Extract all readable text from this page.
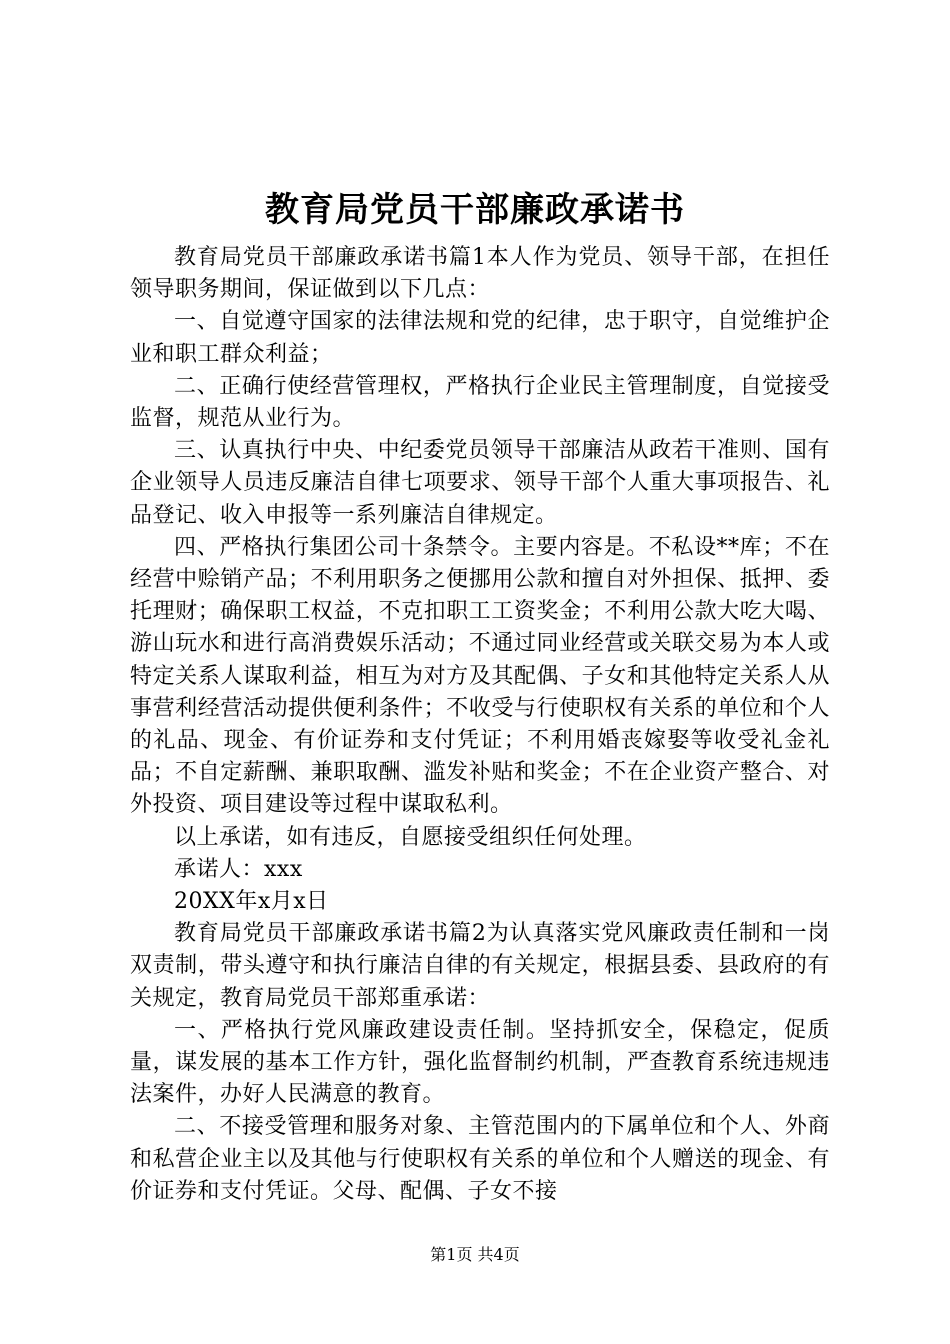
教育局党员干部廉政承诺书

教育局党员干部廉政承诺书篇1本人作为党员、领导干部，在担任领导职务期间，保证做到以下几点：

一、自觉遵守国家的法律法规和党的纪律，忠于职守，自觉维护企业和职工群众利益；

二、正确行使经营管理权，严格执行企业民主管理制度，自觉接受监督，规范从业行为。

三、认真执行中央、中纪委党员领导干部廉洁从政若干准则、国有企业领导人员违反廉洁自律七项要求、领导干部个人重大事项报告、礼品登记、收入申报等一系列廉洁自律规定。

四、严格执行集团公司十条禁令。主要内容是。不私设**库；不在经营中赊销产品；不利用职务之便挪用公款和擅自对外担保、抵押、委托理财；确保职工权益，不克扣职工工资奖金；不利用公款大吃大喝、游山玩水和进行高消费娱乐活动；不通过同业经营或关联交易为本人或特定关系人谋取利益，相互为对方及其配偶、子女和其他特定关系人从事营利经营活动提供便利条件；不收受与行使职权有关系的单位和个人的礼品、现金、有价证券和支付凭证；不利用婚丧嫁娶等收受礼金礼品；不自定薪酬、兼职取酬、滥发补贴和奖金；不在企业资产整合、对外投资、项目建设等过程中谋取私利。

以上承诺，如有违反，自愿接受组织任何处理。

承诺人：xxx

20XX年x月x日

教育局党员干部廉政承诺书篇2为认真落实党风廉政责任制和一岗双责制，带头遵守和执行廉洁自律的有关规定，根据县委、县政府的有关规定，教育局党员干部郑重承诺：

一、严格执行党风廉政建设责任制。坚持抓安全，保稳定，促质量，谋发展的基本工作方针，强化监督制约机制，严查教育系统违规违法案件，办好人民满意的教育。

二、不接受管理和服务对象、主管范围内的下属单位和个人、外商和私营企业主以及其他与行使职权有关系的单位和个人赠送的现金、有价证券和支付凭证。父母、配偶、子女不接

第1页 共4页
